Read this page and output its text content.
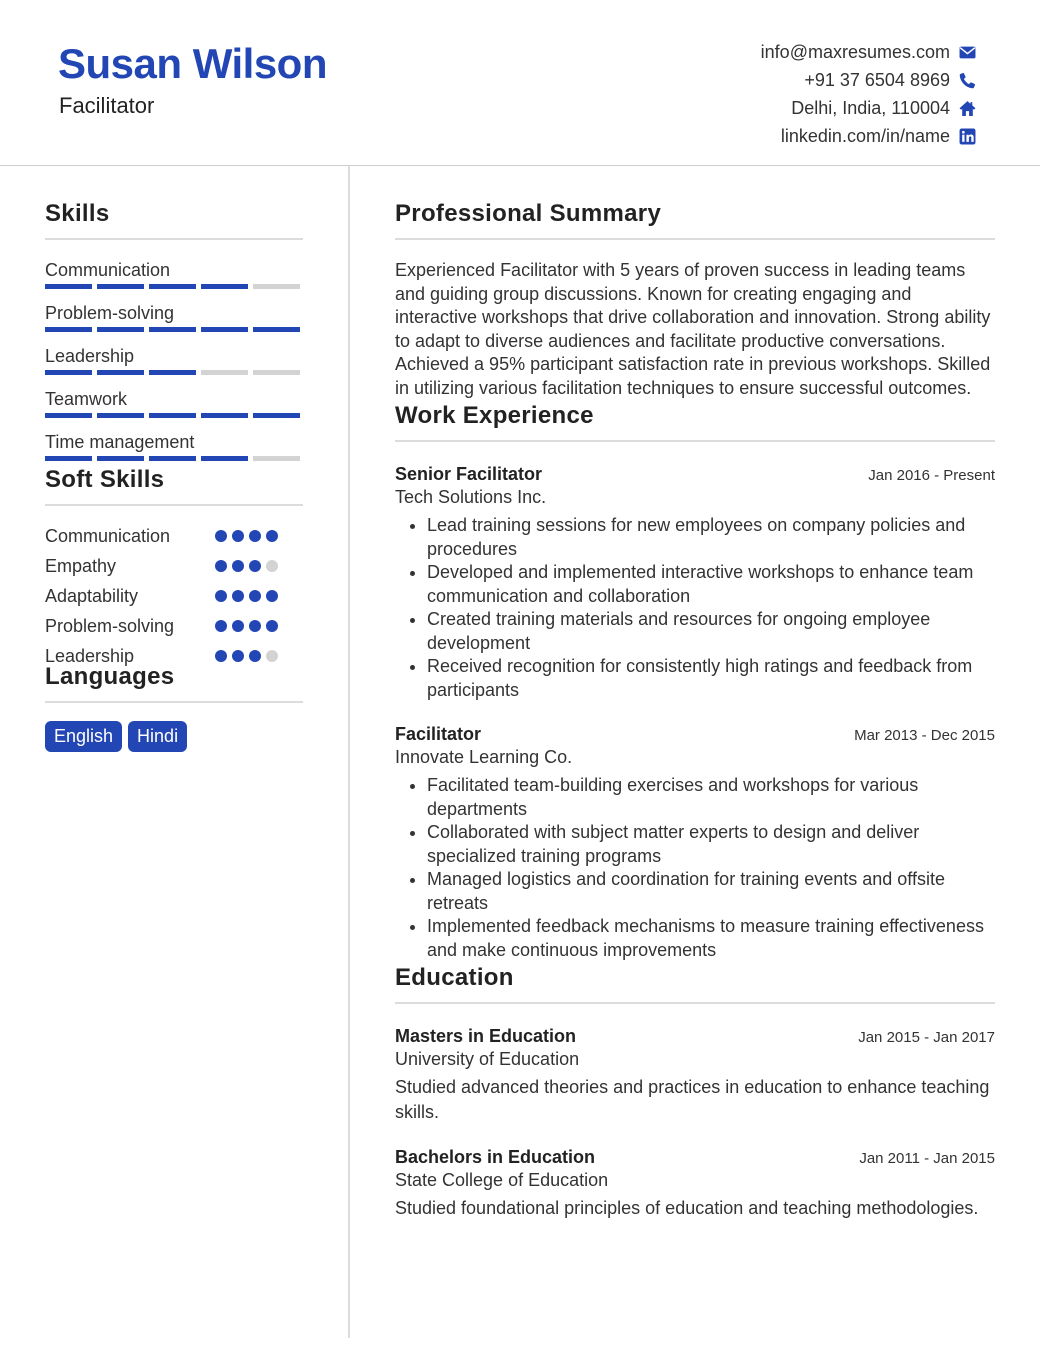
Susan Wilson
Facilitator
info@maxresumes.com
+91 37 6504 8969
Delhi, India, 110004
linkedin.com/in/name
Skills
Communication
Problem-solving
Leadership
Teamwork
Time management
Soft Skills
Communication
Empathy
Adaptability
Problem-solving
Leadership
Languages
English	Hindi
Professional Summary
Experienced Facilitator with 5 years of proven success in leading teams and guiding group discussions. Known for creating engaging and interactive workshops that drive collaboration and innovation. Strong ability to adapt to diverse audiences and facilitate productive conversations. Achieved a 95% participant satisfaction rate in previous workshops. Skilled in utilizing various facilitation techniques to ensure successful outcomes.
Work Experience
Senior Facilitator	Jan 2016 - Present
Tech Solutions Inc.
• Lead training sessions for new employees on company policies and procedures
• Developed and implemented interactive workshops to enhance team communication and collaboration
• Created training materials and resources for ongoing employee development
• Received recognition for consistently high ratings and feedback from participants
Facilitator	Mar 2013 - Dec 2015
Innovate Learning Co.
• Facilitated team-building exercises and workshops for various departments
• Collaborated with subject matter experts to design and deliver specialized training programs
• Managed logistics and coordination for training events and offsite retreats
• Implemented feedback mechanisms to measure training effectiveness and make continuous improvements
Education
Masters in Education	Jan 2015 - Jan 2017
University of Education
Studied advanced theories and practices in education to enhance teaching skills.
Bachelors in Education	Jan 2011 - Jan 2015
State College of Education
Studied foundational principles of education and teaching methodologies.
